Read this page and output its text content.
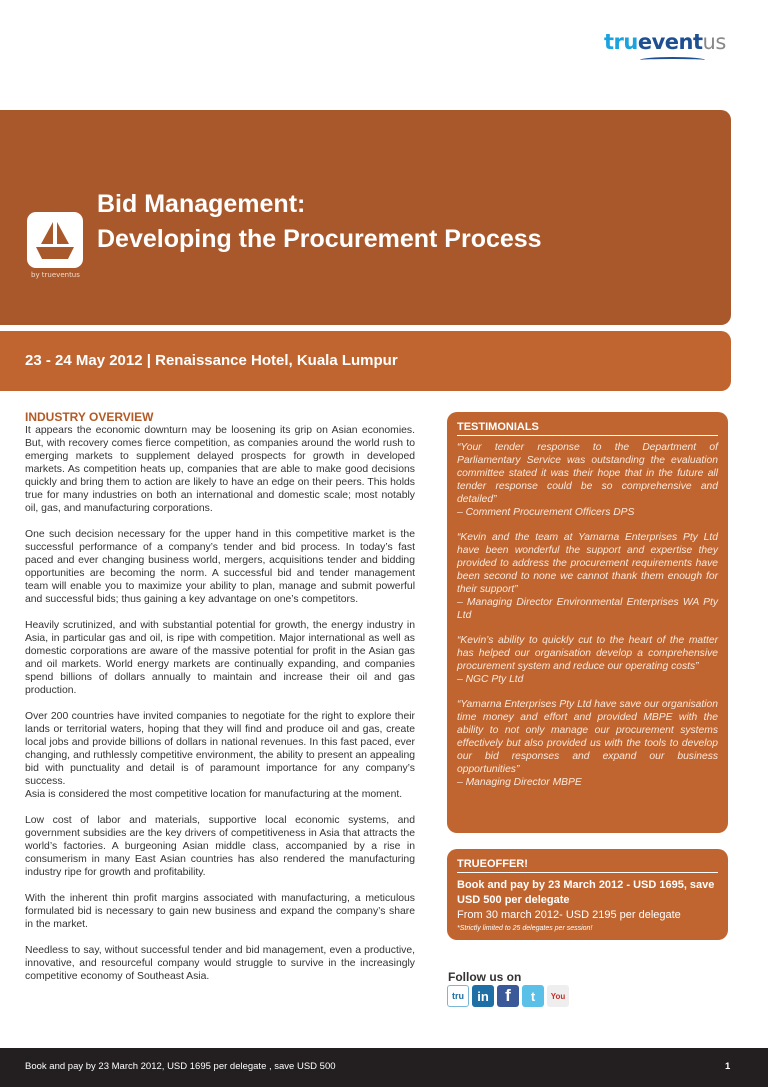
trueventus
by trueventus
Bid Management:
Developing the Procurement Process
23 - 24 May 2012 | Renaissance Hotel, Kuala Lumpur
INDUSTRY OVERVIEW

It appears the economic downturn may be loosening its grip on Asian economies. But, with recovery comes fierce competition, as companies around the world rush to emerging markets to supplement delayed prospects for growth in developed markets. As competition heats up, companies that are able to make good decisions quickly and bring them to action are likely to have an edge on their peers. This holds true for many industries on both an international and domestic scale; most notably oil, gas, and manufacturing corporations.

One such decision necessary for the upper hand in this competitive market is the successful performance of a company’s tender and bid process. In today’s fast paced and ever changing business world, mergers, acquisitions tender and bidding opportunities are becoming the norm. A successful bid and tender management team will enable you to maximize your ability to plan, manage and submit powerful and successful bids; thus gaining a key advantage on one’s competitors.

Heavily scrutinized, and with substantial potential for growth, the energy industry in Asia, in particular gas and oil, is ripe with competition. Major international as well as domestic corporations are aware of the massive potential for profit in the Asian gas and oil markets. World energy markets are continually expanding, and companies spend billions of dollars annually to maintain and increase their oil and gas production.

Over 200 countries have invited companies to negotiate for the right to explore their lands or territorial waters, hoping that they will find and produce oil and gas, create local jobs and provide billions of dollars in national revenues. In this fast paced, ever changing, and ruthlessly competitive environment, the ability to present an appealing bid with punctuality and detail is of paramount importance for any company’s success.

Asia is considered the most competitive location for manufacturing at the moment.

Low cost of labor and materials, supportive local economic systems, and government subsidies are the key drivers of competitiveness in Asia that attracts the world’s factories. A burgeoning Asian middle class, accompanied by a rise in consumerism in many East Asian countries has also rendered the manufacturing industry ripe for growth and profitability.

With the inherent thin profit margins associated with manufacturing, a meticulous formulated bid is necessary to gain new business and expand the company’s share in the market.

Needless to say, without successful tender and bid management, even a productive, innovative, and resourceful company would struggle to survive in the increasingly competitive economy of Southeast Asia.

TESTIMONIALS
“Your tender response to the Department of Parliamentary Service was outstanding the evaluation committee stated it was their hope that in the future all tender response could be so comprehensive and detailed”
– Comment Procurement Officers DPS
“Kevin and the team at Yamarna Enterprises Pty Ltd have been wonderful the support and expertise they provided to address the procurement requirements have been second to none we cannot thank them enough for their support”
– Managing Director Environmental Enterprises WA Pty Ltd
“Kevin’s ability to quickly cut to the heart of the matter has helped our organisation develop a comprehensive procurement system and reduce our operating costs”
– NGC Pty Ltd
“Yamarna Enterprises Pty Ltd have save our organisation time money and effort and provided MBPE with the ability to not only manage our procurement systems effectively but also provided us with the tools to develop our bid responses and expand our business opportunities”
– Managing Director MBPE
TRUEOFFER!
Book and pay by 23 March 2012 - USD 1695, save USD 500 per delegate
From 30 march 2012- USD 2195 per delegate
*Strictly limited to 25 delegates per session!
Follow us on
tru	in f	t	You
Book and pay by 23 March 2012, USD 1695 per delegate , save USD 500	1
